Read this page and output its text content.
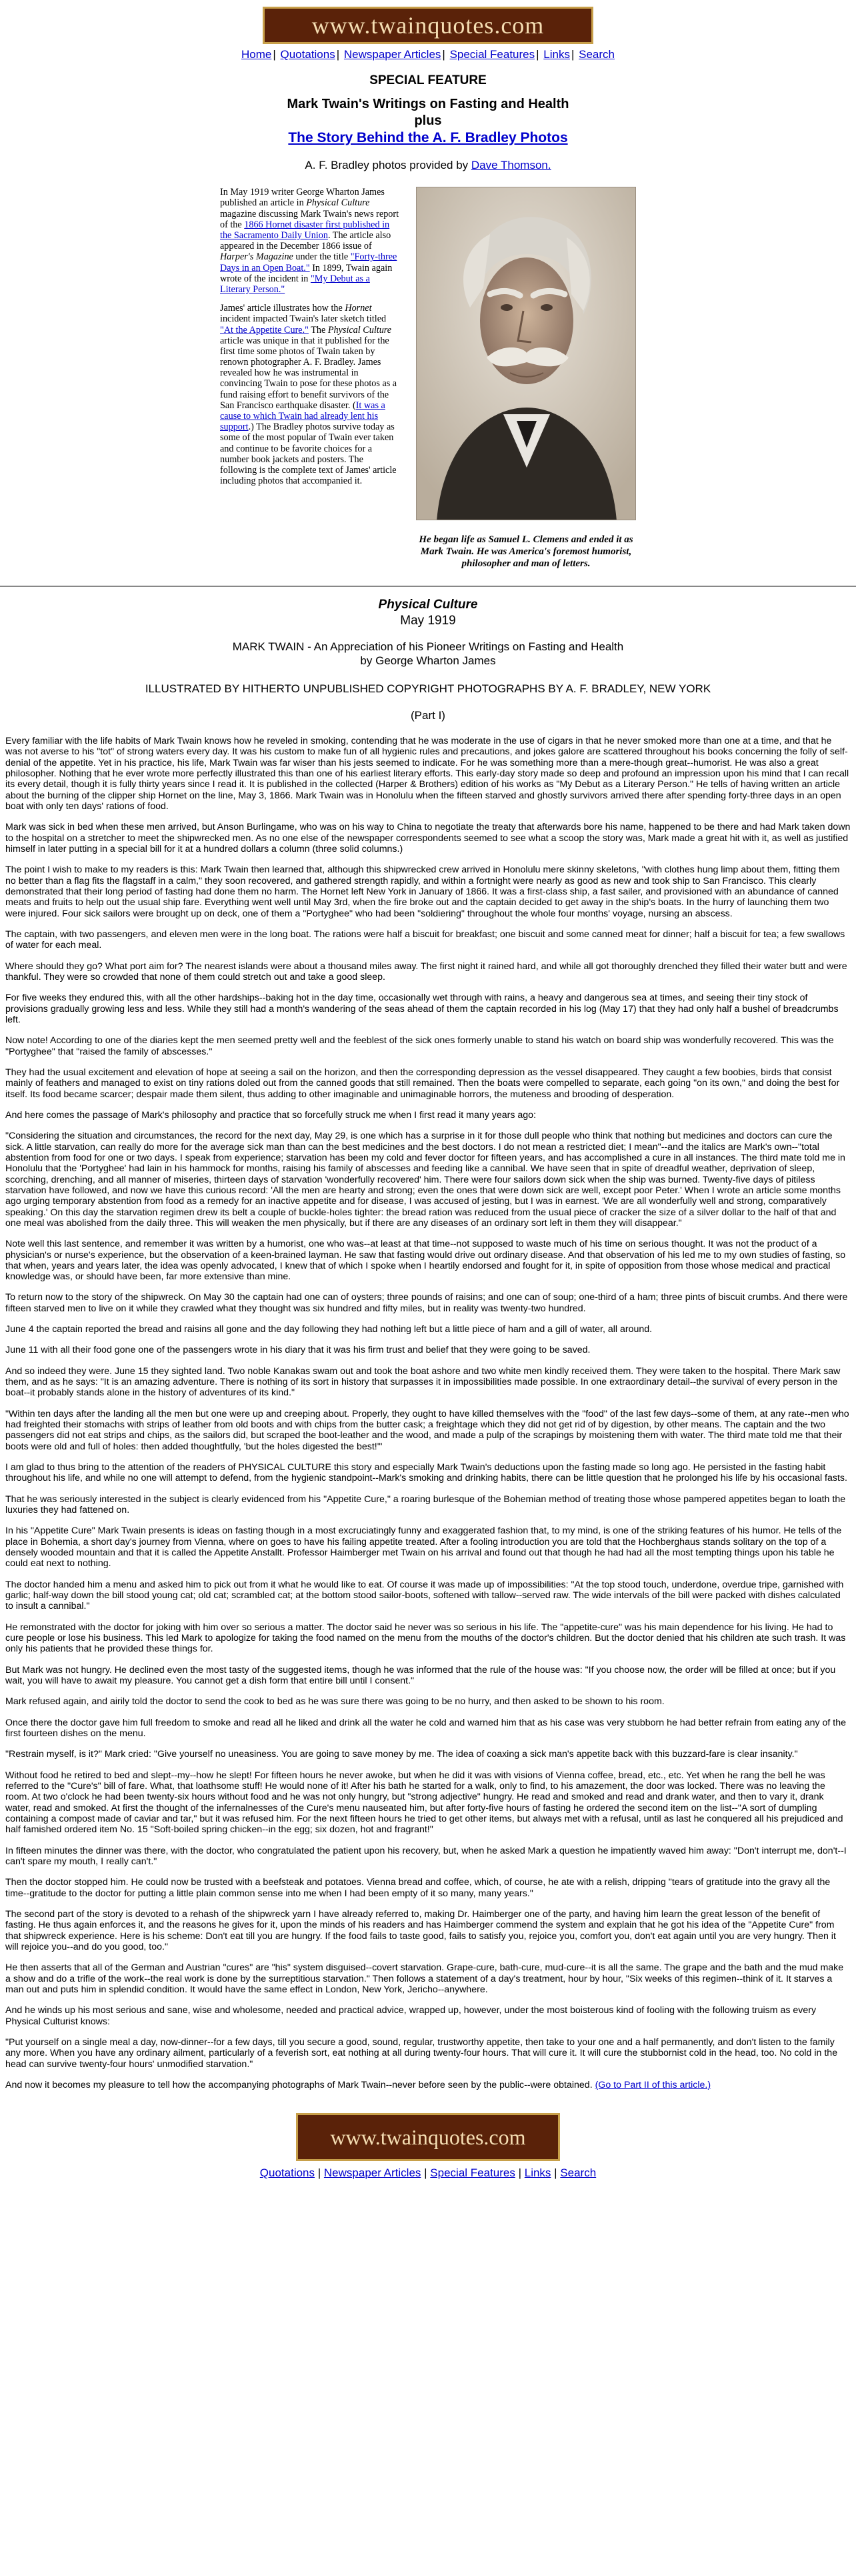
www.twainquotes.com
Home | Quotations | Newspaper Articles | Special Features | Links | Search
SPECIAL FEATURE
Mark Twain's Writings on Fasting and Health
plus
The Story Behind the A. F. Bradley Photos
A. F. Bradley photos provided by Dave Thomson.

In May 1919 writer George Wharton James published an article in Physical Culture magazine discussing Mark Twain's news report of the 1866 Hornet disaster first published in the Sacramento Daily Union. The article also appeared in the December 1866 issue of Harper's Magazine under the title "Forty-three Days in an Open Boat." In 1899, Twain again wrote of the incident in "My Debut as a Literary Person."

James' article illustrates how the Hornet incident impacted Twain's later sketch titled "At the Appetite Cure." The Physical Culture article was unique in that it published for the first time some photos of Twain taken by renown photographer A. F. Bradley. James revealed how he was instrumental in convincing Twain to pose for these photos as a fund raising effort to benefit survivors of the San Francisco earthquake disaster. (It was a cause to which Twain had already lent his support.) The Bradley photos survive today as some of the most popular of Twain ever taken and continue to be favorite choices for a number book jackets and posters. The following is the complete text of James' article including photos that accompanied it.

He began life as Samuel L. Clemens and ended it as Mark Twain. He was America's foremost humorist, philosopher and man of letters.
Physical Culture
May 1919
MARK TWAIN - An Appreciation of his Pioneer Writings on Fasting and Health
by George Wharton James
ILLUSTRATED BY HITHERTO UNPUBLISHED COPYRIGHT PHOTOGRAPHS BY A. F. BRADLEY, NEW YORK
(Part I)

Every familiar with the life habits of Mark Twain knows how he reveled in smoking, contending that he was moderate in the use of cigars in that he never smoked more than one at a time, and that he was not averse to his "tot" of strong waters every day. It was his custom to make fun of all hygienic rules and precautions, and jokes galore are scattered throughout his books concerning the folly of self-denial of the appetite. Yet in his practice, his life, Mark Twain was far wiser than his jests seemed to indicate. For he was something more than a mere-though great--humorist. He was also a great philosopher. Nothing that he ever wrote more perfectly illustrated this than one of his earliest literary efforts. This early-day story made so deep and profound an impression upon his mind that I can recall its every detail, though it is fully thirty years since I read it. It is published in the collected (Harper & Brothers) edition of his works as "My Debut as a Literary Person." He tells of having written an article about the burning of the clipper ship Hornet on the line, May 3, 1866. Mark Twain was in Honolulu when the fifteen starved and ghostly survivors arrived there after spending forty-three days in an open boat with only ten days' rations of food.

Mark was sick in bed when these men arrived, but Anson Burlingame, who was on his way to China to negotiate the treaty that afterwards bore his name, happened to be there and had Mark taken down to the hospital on a stretcher to meet the shipwrecked men. As no one else of the newspaper correspondents seemed to see what a scoop the story was, Mark made a great hit with it, as well as justified himself in later putting in a special bill for it at a hundred dollars a column (three solid columns.)

The point I wish to make to my readers is this: Mark Twain then learned that, although this shipwrecked crew arrived in Honolulu mere skinny skeletons, "with clothes hung limp about them, fitting them no better than a flag fits the flagstaff in a calm," they soon recovered, and gathered strength rapidly, and within a fortnight were nearly as good as new and took ship to San Francisco. This clearly demonstrated that their long period of fasting had done them no harm. The Hornet left New York in January of 1866. It was a first-class ship, a fast sailer, and provisioned with an abundance of canned meats and fruits to help out the usual ship fare. Everything went well until May 3rd, when the fire broke out and the captain decided to get away in the ship's boats. In the hurry of launching them two were injured. Four sick sailors were brought up on deck, one of them a "Portyghee" who had been "soldiering" throughout the whole four months' voyage, nursing an abscess.

The captain, with two passengers, and eleven men were in the long boat. The rations were half a biscuit for breakfast; one biscuit and some canned meat for dinner; half a biscuit for tea; a few swallows of water for each meal.

Where should they go? What port aim for? The nearest islands were about a thousand miles away. The first night it rained hard, and while all got thoroughly drenched they filled their water butt and were thankful. They were so crowded that none of them could stretch out and take a good sleep.

For five weeks they endured this, with all the other hardships--baking hot in the day time, occasionally wet through with rains, a heavy and dangerous sea at times, and seeing their tiny stock of provisions gradually growing less and less. While they still had a month's wandering of the seas ahead of them the captain recorded in his log (May 17) that they had only half a bushel of breadcrumbs left.

Now note! According to one of the diaries kept the men seemed pretty well and the feeblest of the sick ones formerly unable to stand his watch on board ship was wonderfully recovered. This was the "Portyghee" that "raised the family of abscesses."

They had the usual excitement and elevation of hope at seeing a sail on the horizon, and then the corresponding depression as the vessel disappeared. They caught a few boobies, birds that consist mainly of feathers and managed to exist on tiny rations doled out from the canned goods that still remained. Then the boats were compelled to separate, each going "on its own," and doing the best for itself. Its food became scarcer; despair made them silent, thus adding to other imaginable and unimaginable horrors, the muteness and brooding of desperation.

And here comes the passage of Mark's philosophy and practice that so forcefully struck me when I first read it many years ago:

"Considering the situation and circumstances, the record for the next day, May 29, is one which has a surprise in it for those dull people who think that nothing but medicines and doctors can cure the sick. A little starvation, can really do more for the average sick man than can the best medicines and the best doctors. I do not mean a restricted diet; I mean"--and the italics are Mark's own--"total abstention from food for one or two days. I speak from experience; starvation has been my cold and fever doctor for fifteen years, and has accomplished a cure in all instances. The third mate told me in Honolulu that the 'Portyghee' had lain in his hammock for months, raising his family of abscesses and feeding like a cannibal. We have seen that in spite of dreadful weather, deprivation of sleep, scorching, drenching, and all manner of miseries, thirteen days of starvation 'wonderfully recovered' him. There were four sailors down sick when the ship was burned. Twenty-five days of pitiless starvation have followed, and now we have this curious record: 'All the men are hearty and strong; even the ones that were down sick are well, except poor Peter.' When I wrote an article some months ago urging temporary abstention from food as a remedy for an inactive appetite and for disease, I was accused of jesting, but I was in earnest. 'We are all wonderfully well and strong, comparatively speaking.' On this day the starvation regimen drew its belt a couple of buckle-holes tighter: the bread ration was reduced from the usual piece of cracker the size of a silver dollar to the half of that and one meal was abolished from the daily three. This will weaken the men physically, but if there are any diseases of an ordinary sort left in them they will disappear."

Note well this last sentence, and remember it was written by a humorist, one who was--at least at that time--not supposed to waste much of his time on serious thought. It was not the product of a physician's or nurse's experience, but the observation of a keen-brained layman. He saw that fasting would drive out ordinary disease. And that observation of his led me to my own studies of fasting, so that when, years and years later, the idea was openly advocated, I knew that of which I spoke when I heartily endorsed and fought for it, in spite of opposition from those whose medical and practical knowledge was, or should have been, far more extensive than mine.

To return now to the story of the shipwreck. On May 30 the captain had one can of oysters; three pounds of raisins; and one can of soup; one-third of a ham; three pints of biscuit crumbs. And there were fifteen starved men to live on it while they crawled what they thought was six hundred and fifty miles, but in reality was twenty-two hundred.

June 4 the captain reported the bread and raisins all gone and the day following they had nothing left but a little piece of ham and a gill of water, all around.

June 11 with all their food gone one of the passengers wrote in his diary that it was his firm trust and belief that they were going to be saved.

And so indeed they were. June 15 they sighted land. Two noble Kanakas swam out and took the boat ashore and two white men kindly received them. They were taken to the hospital. There Mark saw them, and as he says: "It is an amazing adventure. There is nothing of its sort in history that surpasses it in impossibilities made possible. In one extraordinary detail--the survival of every person in the boat--it probably stands alone in the history of adventures of its kind."

"Within ten days after the landing all the men but one were up and creeping about. Properly, they ought to have killed themselves with the "food" of the last few days--some of them, at any rate--men who had freighted their stomachs with strips of leather from old boots and with chips from the butter cask; a freightage which they did not get rid of by digestion, by other means. The captain and the two passengers did not eat strips and chips, as the sailors did, but scraped the boot-leather and the wood, and made a pulp of the scrapings by moistening them with water. The third mate told me that their boots were old and full of holes: then added thoughtfully, 'but the holes digested the best!'"

I am glad to thus bring to the attention of the readers of PHYSICAL CULTURE this story and especially Mark Twain's deductions upon the fasting made so long ago. He persisted in the fasting habit throughout his life, and while no one will attempt to defend, from the hygienic standpoint--Mark's smoking and drinking habits, there can be little question that he prolonged his life by his occasional fasts.

That he was seriously interested in the subject is clearly evidenced from his "Appetite Cure," a roaring burlesque of the Bohemian method of treating those whose pampered appetites began to loath the luxuries they had fattened on.

In his "Appetite Cure" Mark Twain presents is ideas on fasting though in a most excruciatingly funny and exaggerated fashion that, to my mind, is one of the striking features of his humor. He tells of the place in Bohemia, a short day's journey from Vienna, where on goes to have his failing appetite treated. After a fooling introduction you are told that the Hochberghaus stands solitary on the top of a densely wooded mountain and that it is called the Appetite Anstallt. Professor Haimberger met Twain on his arrival and found out that though he had had all the most tempting things upon his table he could eat next to nothing.

The doctor handed him a menu and asked him to pick out from it what he would like to eat. Of course it was made up of impossibilities: "At the top stood touch, underdone, overdue tripe, garnished with garlic; half-way down the bill stood young cat; old cat; scrambled cat; at the bottom stood sailor-boots, softened with tallow--served raw. The wide intervals of the bill were packed with dishes calculated to insult a cannibal."

He remonstrated with the doctor for joking with him over so serious a matter. The doctor said he never was so serious in his life. The "appetite-cure" was his main dependence for his living. He had to cure people or lose his business. This led Mark to apologize for taking the food named on the menu from the mouths of the doctor's children. But the doctor denied that his children ate such trash. It was only his patients that he provided these things for.

But Mark was not hungry. He declined even the most tasty of the suggested items, though he was informed that the rule of the house was: "If you choose now, the order will be filled at once; but if you wait, you will have to await my pleasure. You cannot get a dish form that entire bill until I consent."

Mark refused again, and airily told the doctor to send the cook to bed as he was sure there was going to be no hurry, and then asked to be shown to his room.

Once there the doctor gave him full freedom to smoke and read all he liked and drink all the water he cold and warned him that as his case was very stubborn he had better refrain from eating any of the first fourteen dishes on the menu.

"Restrain myself, is it?" Mark cried: "Give yourself no uneasiness. You are going to save money by me. The idea of coaxing a sick man's appetite back with this buzzard-fare is clear insanity."

Without food he retired to bed and slept--my--how he slept! For fifteen hours he never awoke, but when he did it was with visions of Vienna coffee, bread, etc., etc. Yet when he rang the bell he was referred to the "Cure's" bill of fare. What, that loathsome stuff! He would none of it! After his bath he started for a walk, only to find, to his amazement, the door was locked. There was no leaving the room. At two o'clock he had been twenty-six hours without food and he was not only hungry, but "strong adjective" hungry. He read and smoked and read and drank water, and then to vary it, drank water, read and smoked. At first the thought of the infernalnesses of the Cure's menu nauseated him, but after forty-five hours of fasting he ordered the second item on the list--"A sort of dumpling containing a compost made of caviar and tar," but it was refused him. For the next fifteen hours he tried to get other items, but always met with a refusal, until as last he conquered all his prejudiced and half famished ordered item No. 15 "Soft-boiled spring chicken--in the egg; six dozen, hot and fragrant!"

In fifteen minutes the dinner was there, with the doctor, who congratulated the patient upon his recovery, but, when he asked Mark a question he impatiently waved him away: "Don't interrupt me, don't--I can't spare my mouth, I really can't."

Then the doctor stopped him. He could now be trusted with a beefsteak and potatoes. Vienna bread and coffee, which, of course, he ate with a relish, dripping "tears of gratitude into the gravy all the time--gratitude to the doctor for putting a little plain common sense into me when I had been empty of it so many, many years."

The second part of the story is devoted to a rehash of the shipwreck yarn I have already referred to, making Dr. Haimberger one of the party, and having him learn the great lesson of the benefit of fasting. He thus again enforces it, and the reasons he gives for it, upon the minds of his readers and has Haimberger commend the system and explain that he got his idea of the "Appetite Cure" from that shipwreck experience. Here is his scheme: Don't eat till you are hungry. If the food fails to taste good, fails to satisfy you, rejoice you, comfort you, don't eat again until you are very hungry. Then it will rejoice you--and do you good, too."

He then asserts that all of the German and Austrian "cures" are "his" system disguised--covert starvation. Grape-cure, bath-cure, mud-cure--it is all the same. The grape and the bath and the mud make a show and do a trifle of the work--the real work is done by the surreptitious starvation." Then follows a statement of a day's treatment, hour by hour, "Six weeks of this regimen--think of it. It starves a man out and puts him in splendid condition. It would have the same effect in London, New York, Jericho--anywhere.

And he winds up his most serious and sane, wise and wholesome, needed and practical advice, wrapped up, however, under the most boisterous kind of fooling with the following truism as every Physical Culturist knows:

"Put yourself on a single meal a day, now-dinner--for a few days, till you secure a good, sound, regular, trustworthy appetite, then take to your one and a half permanently, and don't listen to the family any more. When you have any ordinary ailment, particularly of a feverish sort, eat nothing at all during twenty-four hours. That will cure it. It will cure the stubbornist cold in the head, too. No cold in the head can survive twenty-four hours' unmodified starvation."

And now it becomes my pleasure to tell how the accompanying photographs of Mark Twain--never before seen by the public--were obtained. (Go to Part II of this article.)

www.twainquotes.com
Quotations | Newspaper Articles | Special Features | Links | Search
